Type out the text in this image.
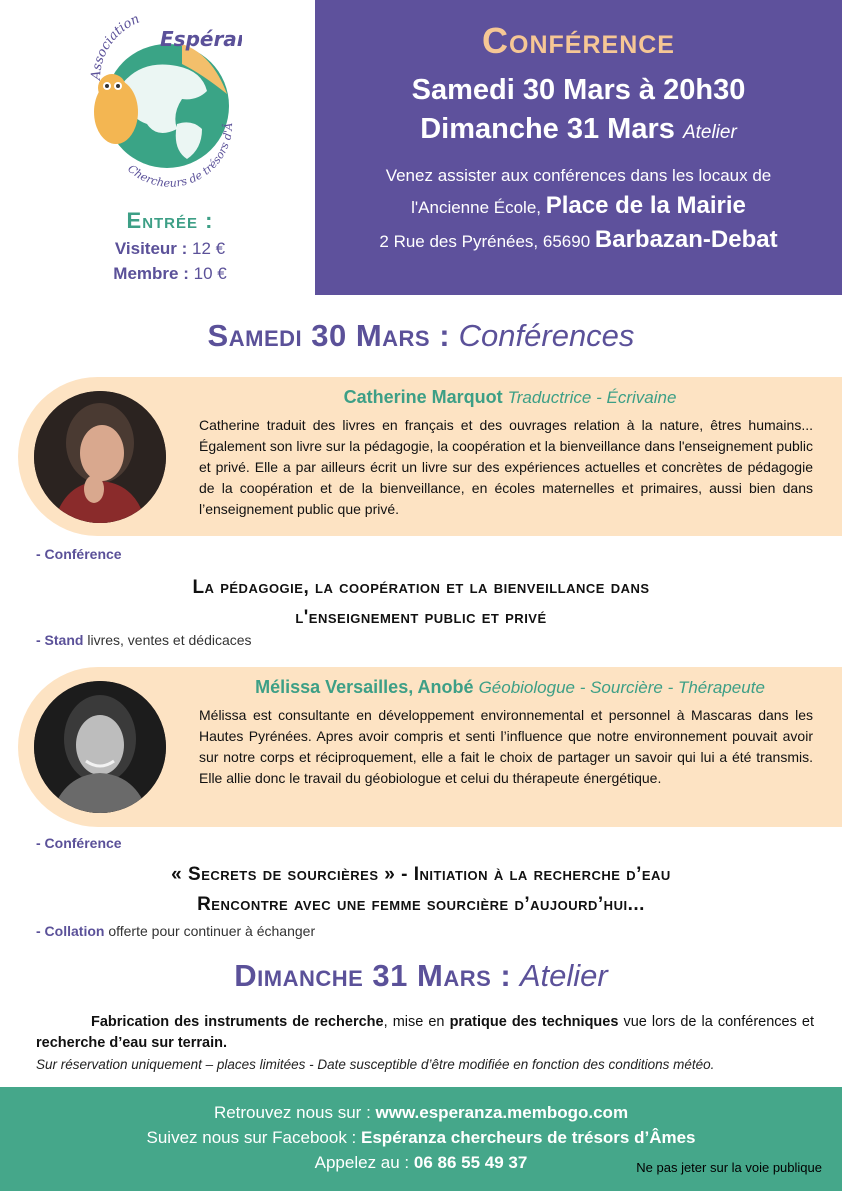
Association
Espéra
Chercheurs de trésors d'Â
Entrée :
Visiteur : 12 €
Membre : 10 €
Conférence
Samedi 30 Mars à 20h30
Dimanche 31 Mars Atelier
Venez assister aux conférences dans les locaux de
l'Ancienne École, Place de la Mairie
2 Rue des Pyrénées, 65690 Barbazan-Debat
Samedi 30 Mars : Conférences
Catherine Marquot Traductrice - Écrivaine
Catherine traduit des livres en français et des ouvrages relation à la nature, êtres humains... Également son livre sur la pédagogie, la coopération et la bienveillance dans l'enseignement public et privé. Elle a par ailleurs écrit un livre sur des expériences actuelles et concrètes de pédagogie de la coopération et de la bienveillance, en écoles maternelles et primaires, aussi bien dans l’enseignement public que privé.
- Conférence
La pédagogie, la coopération et la bienveillance dans
l'enseignement public et privé
- Stand livres, ventes et dédicaces
Mélissa Versailles, Anobé Géobiologue - Sourcière - Thérapeute
Mélissa est consultante en développement environnemental et personnel à Mascaras dans les Hautes Pyrénées. Apres avoir compris et senti l’influence que notre environnement pouvait avoir sur notre corps et réciproquement, elle a fait le choix de partager un savoir qui lui a été transmis. Elle allie donc le travail du géobiologue et celui du thérapeute énergétique.
- Conférence
« Secrets de sourcières » - Initiation à la recherche d’eau
Rencontre avec une femme sourcière d’aujourd’hui...
- Collation offerte pour continuer à échanger
Dimanche 31 Mars : Atelier
Fabrication des instruments de recherche, mise en pratique des techniques vue lors de la conférences et recherche d’eau sur terrain.
Sur réservation uniquement – places limitées - Date susceptible d’être modifiée en fonction des conditions météo.
Retrouvez nous sur : www.esperanza.membogo.com
Suivez nous sur Facebook : Espéranza chercheurs de trésors d’Âmes
Appelez au : 06 86 55 49 37	Ne pas jeter sur la voie publique
